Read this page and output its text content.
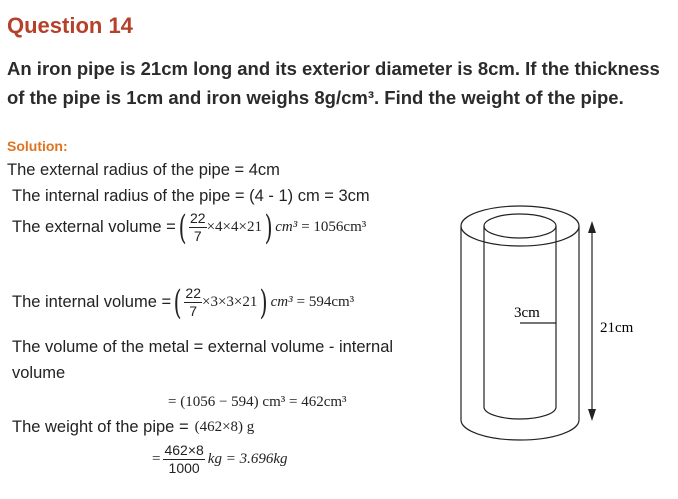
Question 14
An iron pipe is 21cm long and its exterior diameter is 8cm. If the thickness
of the pipe is 1cm and iron weighs 8g/cm³. Find the weight of the pipe.
Solution:
The external radius of the pipe = 4cm
The internal radius of the pipe = (4 - 1) cm = 3cm
The external volume = ( $\frac{22}{7} \times 4\times 4\times 21$ ) cm³ = 1056cm³
The internal volume = ( $\frac{22}{7} \times 3\times 3\times 21$ ) cm³ = 594cm³
The volume of the metal = external volume - internal
volume
= (1056 − 594) cm³ = 462cm³
The weight of the pipe = (462×8) g
= $\frac{462\times 8}{1000}$ kg = 3.696kg
3cm
21cm
